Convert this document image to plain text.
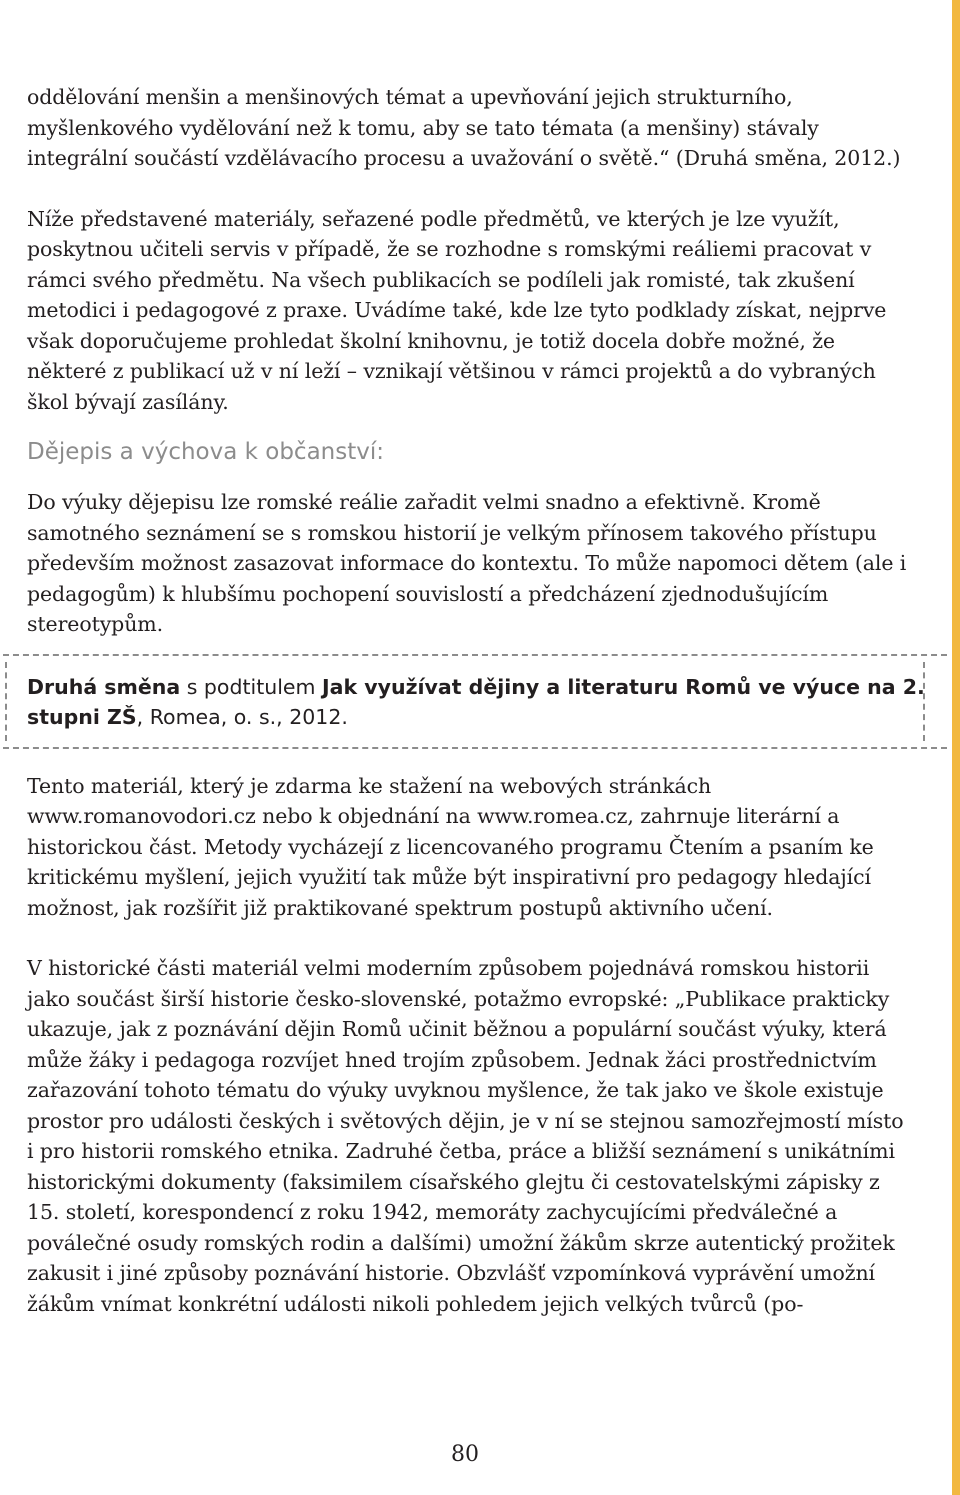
oddělování menšin a menšinových témat a upevňování jejich strukturního, myšlenkového vydělování než k tomu, aby se tato témata (a menšiny) stávaly integrální součástí vzdělávacího procesu a uvažování o světě.“ (Druhá směna, 2012.)

Níže představené materiály, seřazené podle předmětů, ve kterých je lze využít, poskytnou učiteli servis v případě, že se rozhodne s romskými reáliemi pracovat v rámci svého předmětu. Na všech publikacích se podíleli jak romisté, tak zkušení metodici i pedagogové z praxe. Uvádíme také, kde lze tyto podklady získat, nejprve však doporučujeme prohledat školní knihovnu, je totiž docela dobře možné, že některé z publikací už v ní leží – vznikají většinou v rámci projektů a do vybraných škol bývají zasílány.

Dějepis a výchova k občanství:

Do výuky dějepisu lze romské reálie zařadit velmi snadno a efektivně. Kromě samotného seznámení se s romskou historií je velkým přínosem takového přístupu především možnost zasazovat informace do kontextu. To může napomoci dětem (ale i pedagogům) k hlubšímu pochopení souvislostí a předcházení zjednodušujícím stereotypům.

Druhá směna s podtitulem Jak využívat dějiny a literaturu Romů ve výuce na 2. stupni ZŠ, Romea, o. s., 2012.

Tento materiál, který je zdarma ke stažení na webových stránkách www.romanovodori.cz nebo k objednání na www.romea.cz, zahrnuje literární a historickou část. Metody vycházejí z licencovaného programu Čtením a psaním ke kritickému myšlení, jejich využití tak může být inspirativní pro pedagogy hledající možnost, jak rozšířit již praktikované spektrum postupů aktivního učení.

V historické části materiál velmi moderním způsobem pojednává romskou historii jako součást širší historie česko-slovenské, potažmo evropské: „Publikace prakticky ukazuje, jak z poznávání dějin Romů učinit běžnou a populární součást výuky, která může žáky i pedagoga rozvíjet hned trojím způsobem. Jednak žáci prostřednictvím zařazování tohoto tématu do výuky uvyknou myšlence, že tak jako ve škole existuje prostor pro události českých i světových dějin, je v ní se stejnou samozřejmostí místo i pro historii romského etnika. Zadruhé četba, práce a bližší seznámení s unikátními historickými dokumenty (faksimilem císařského glejtu či cestovatelskými zápisky z 15. století, korespondencí z roku 1942, memoráty zachycujícími předválečné a poválečné osudy romských rodin a dalšími) umožní žákům skrze autentický prožitek zakusit i jiné způsoby poznávání historie. Obzvlášť vzpomínková vyprávění umožní žákům vnímat konkrétní události nikoli pohledem jejich velkých tvůrců (po-

80
